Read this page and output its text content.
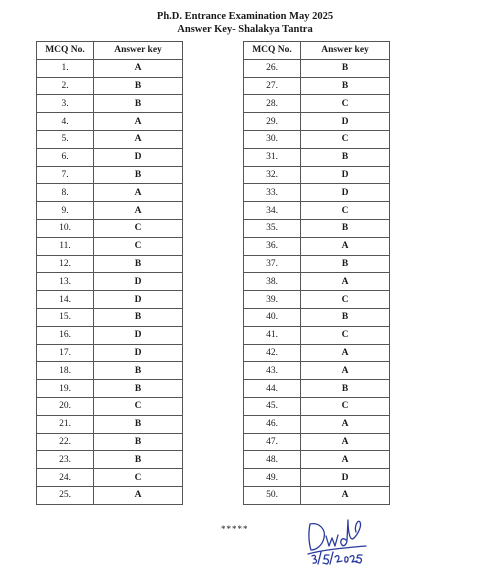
Ph.D. Entrance Examination May 2025
Answer Key- Shalakya Tantra
MCQ No.	Answer key
1.	A
2.	B
3.	B
4.	A
5.	A
6.	D
7.	B
8.	A
9.	A
10.	C
11.	C
12.	B
13.	D
14.	D
15.	B
16.	D
17.	D
18.	B
19.	B
20.	C
21.	B
22.	B
23.	B
24.	C
25.	A
MCQ No.	Answer key
26.	B
27.	B
28.	C
29.	D
30.	C
31.	B
32.	D
33.	D
34.	C
35.	B
36.	A
37.	B
38.	A
39.	C
40.	B
41.	C
42.	A
43.	A
44.	B
45.	C
46.	A
47.	A
48.	A
49.	D
50.	A
*****
